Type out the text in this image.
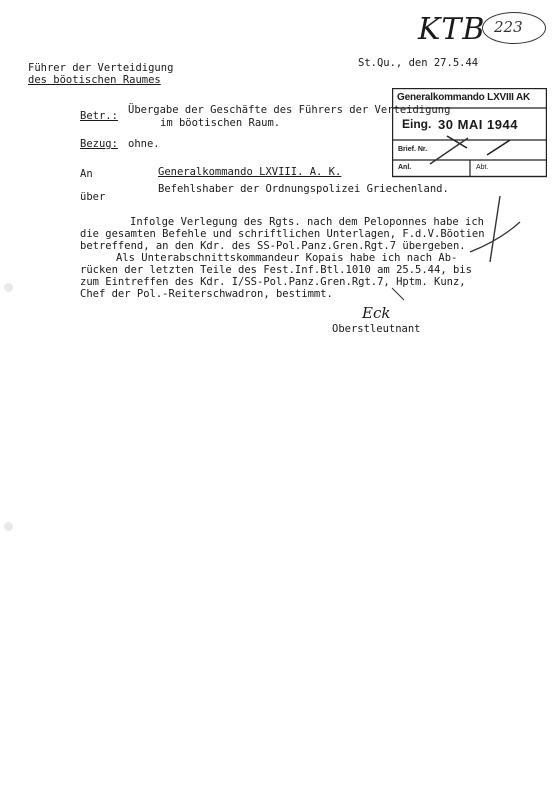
KTB 223
Führer der Verteidigung
des böotischen Raumes
St.Qu., den 27.5.44
Betr.: Übergabe der Geschäfte des Führers der Verteidigung
im böotischen Raum.
Bezug: ohne.
An	Generalkommando LXVIII. A. K.
über
Befehlshaber der Ordnungspolizei Griechenland.
Generalkommando LXVIII AK
Eing. 30 MAI 1944
Brief. Nr.
Anl.	Abt.
Infolge Verlegung des Rgts. nach dem Peloponnes habe ich
die gesamten Befehle und schriftlichen Unterlagen, F.d.V.Böotien
betreffend, an den Kdr. des SS-Pol.Panz.Gren.Rgt.7 übergeben.
Als Unterabschnittskommandeur Kopais habe ich nach Ab-
rücken der letzten Teile des Fest.Inf.Btl.1010 am 25.5.44, bis
zum Eintreffen des Kdr. I/SS-Pol.Panz.Gren.Rgt.7, Hptm. Kunz,
Chef der Pol.-Reiterschwadron, bestimmt.
Eck
Oberstleutnant
